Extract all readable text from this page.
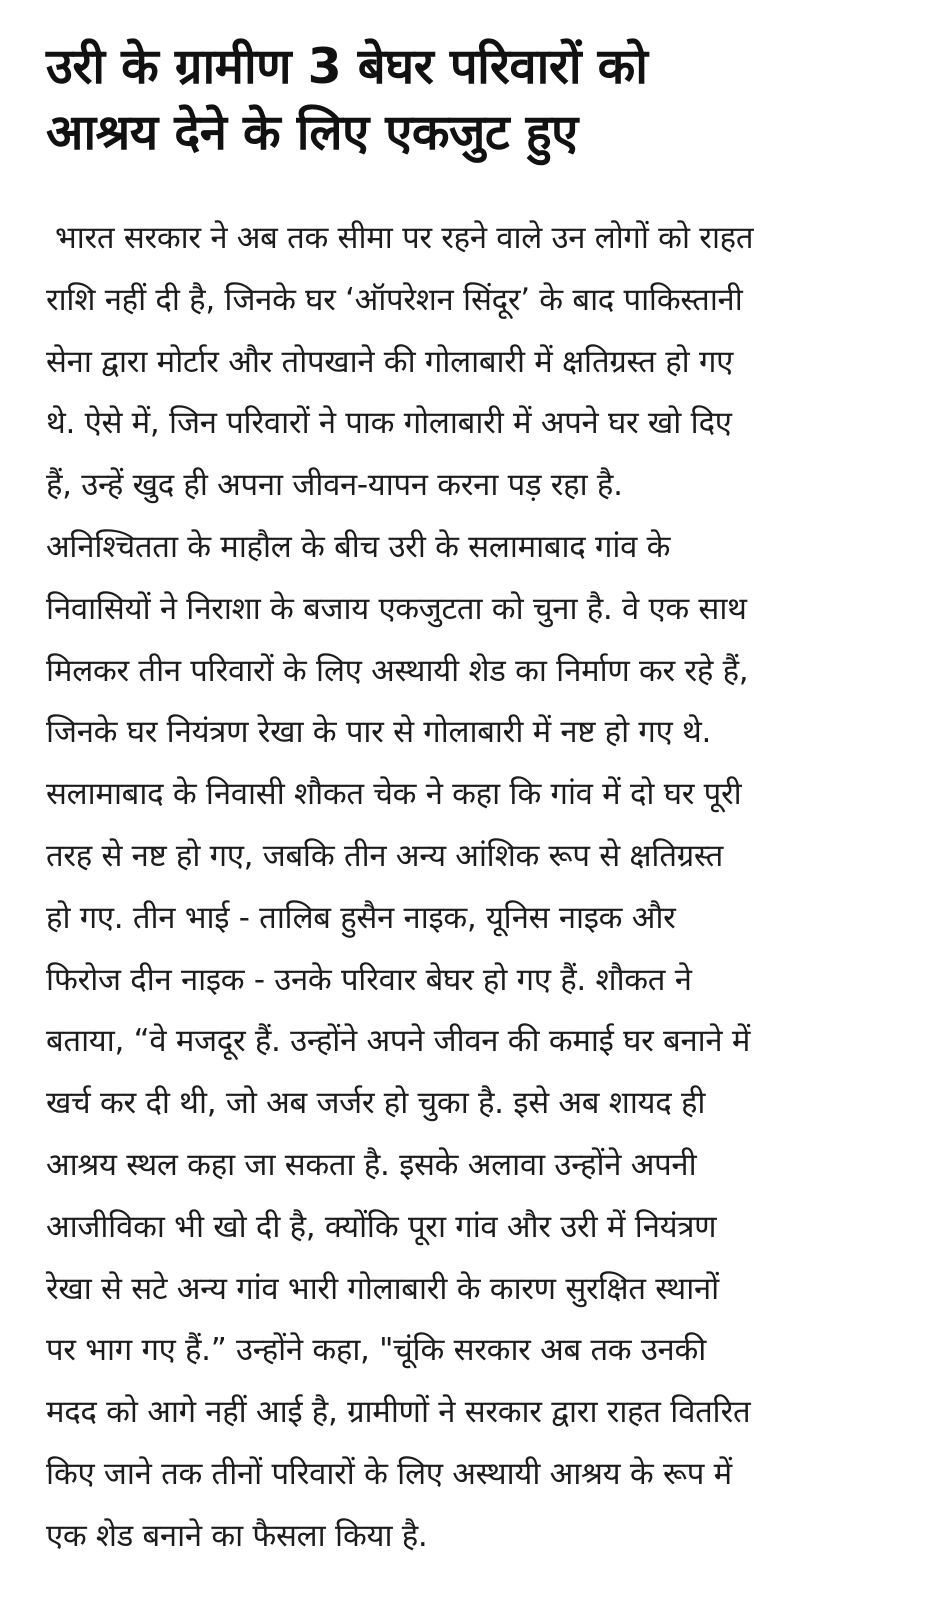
उरी के ग्रामीण 3 बेघर परिवारों को
आश्रय देने के लिए एकजुट हुए
भारत सरकार ने अब तक सीमा पर रहने वाले उन लोगों को राहत
राशि नहीं दी है, जिनके घर ‘ऑपरेशन सिंदूर’ के बाद पाकिस्तानी
सेना द्वारा मोर्टार और तोपखाने की गोलाबारी में क्षतिग्रस्त हो गए
थे. ऐसे में, जिन परिवारों ने पाक गोलाबारी में अपने घर खो दिए
हैं, उन्हें खुद ही अपना जीवन-यापन करना पड़ रहा है.
अनिश्चितता के माहौल के बीच उरी के सलामाबाद गांव के
निवासियों ने निराशा के बजाय एकजुटता को चुना है. वे एक साथ
मिलकर तीन परिवारों के लिए अस्थायी शेड का निर्माण कर रहे हैं,
जिनके घर नियंत्रण रेखा के पार से गोलाबारी में नष्ट हो गए थे.
सलामाबाद के निवासी शौकत चेक ने कहा कि गांव में दो घर पूरी
तरह से नष्ट हो गए, जबकि तीन अन्य आंशिक रूप से क्षतिग्रस्त
हो गए. तीन भाई - तालिब हुसैन नाइक, यूनिस नाइक और
फिरोज दीन नाइक - उनके परिवार बेघर हो गए हैं. शौकत ने
बताया, “वे मजदूर हैं. उन्होंने अपने जीवन की कमाई घर बनाने में
खर्च कर दी थी, जो अब जर्जर हो चुका है. इसे अब शायद ही
आश्रय स्थल कहा जा सकता है. इसके अलावा उन्होंने अपनी
आजीविका भी खो दी है, क्योंकि पूरा गांव और उरी में नियंत्रण
रेखा से सटे अन्य गांव भारी गोलाबारी के कारण सुरक्षित स्थानों
पर भाग गए हैं.” उन्होंने कहा, "चूंकि सरकार अब तक उनकी
मदद को आगे नहीं आई है, ग्रामीणों ने सरकार द्वारा राहत वितरित
किए जाने तक तीनों परिवारों के लिए अस्थायी आश्रय के रूप में
एक शेड बनाने का फैसला किया है.
